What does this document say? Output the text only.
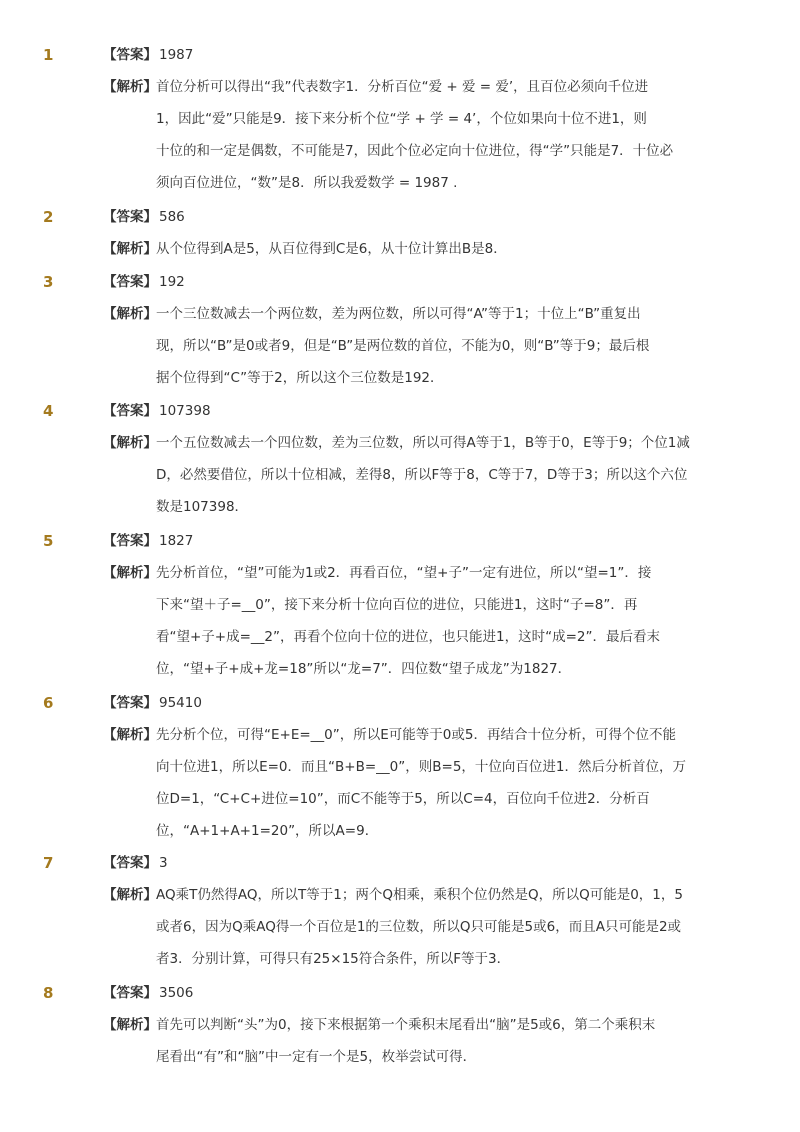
1	【答案】 1987
【解析】 首位分析可以得出“我”代表数字1．分析百位“爱 + 爱 = 爱’，且百位必须向千位进
1，因此“爱”只能是9．接下来分析个位“学 + 学 = 4’，个位如果向十位不进1，则
十位的和一定是偶数，不可能是7，因此个位必定向十位进位，得“学”只能是7．十位必
须向百位进位，“数”是8．所以我爱数学 = 1987 .
2	【答案】 586
【解析】 从个位得到A是5，从百位得到C是6，从十位计算出B是8．
3	【答案】 192
【解析】 一个三位数减去一个两位数，差为两位数，所以可得“A”等于1；十位上“B”重复出
现，所以“B”是0或者9，但是“B”是两位数的首位，不能为0，则“B”等于9；最后根
据个位得到“C”等于2，所以这个三位数是192．
4	【答案】 107398
【解析】 一个五位数减去一个四位数，差为三位数，所以可得A等于1，B等于0，E等于9；个位1减
D，必然要借位，所以十位相减，差得8，所以F等于8，C等于7，D等于3；所以这个六位
数是107398．
5	【答案】 1827
【解析】 先分析首位，“望”可能为1或2．再看百位，“望+子”一定有进位，所以“望=1”．接
下来“望＋子=__0”，接下来分析十位向百位的进位，只能进1，这时“子=8”．再
看“望+子+成=__2”，再看个位向十位的进位，也只能进1，这时“成=2”．最后看末
位，“望+子+成+龙=18”所以“龙=7”．四位数“望子成龙”为1827．
6	【答案】 95410
【解析】 先分析个位，可得“E+E=__0”，所以E可能等于0或5．再结合十位分析，可得个位不能
向十位进1，所以E=0．而且“B+B=__0”，则B=5，十位向百位进1．然后分析首位，万
位D=1，“C+C+进位=10”，而C不能等于5，所以C=4，百位向千位进2．分析百
位，“A+1+A+1=20”，所以A=9．
7	【答案】 3
【解析】 AQ乘T仍然得AQ，所以T等于1；两个Q相乘，乘积个位仍然是Q，所以Q可能是0，1，5
或者6，因为Q乘AQ得一个百位是1的三位数，所以Q只可能是5或6，而且A只可能是2或
者3．分别计算，可得只有25×15符合条件，所以F等于3．
8	【答案】 3506
【解析】 首先可以判断“头”为0，接下来根据第一个乘积末尾看出“脑”是5或6，第二个乘积末
尾看出“有”和“脑”中一定有一个是5，枚举尝试可得．
